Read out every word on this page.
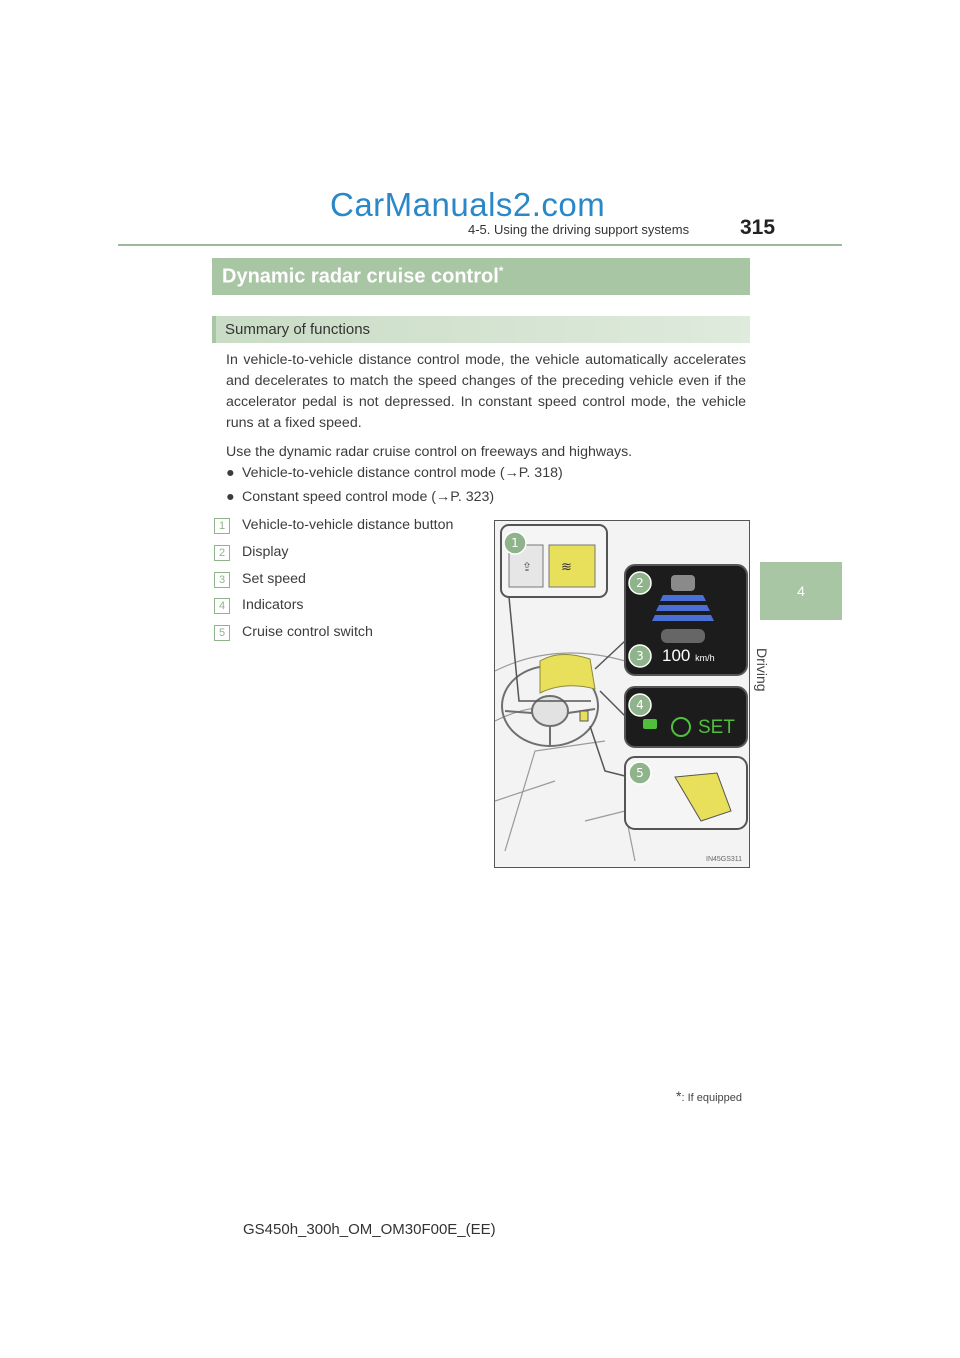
CarManuals2.com
4-5. Using the driving support systems 315
4
Driving
Dynamic radar cruise control*
Summary of functions
In vehicle-to-vehicle distance control mode, the vehicle automatically accelerates and decelerates to match the speed changes of the preceding vehicle even if the accelerator pedal is not depressed. In constant speed control mode, the vehicle runs at a fixed speed.
Use the dynamic radar cruise control on freeways and highways.
● Vehicle-to-vehicle distance control mode (→P. 318)
● Constant speed control mode (→P. 323)
1	Vehicle-to-vehicle distance button
2	Display
3	Set speed
4	Indicators
5	Cruise control switch
⇪ ≋
1
2
3
4
5
100 km/h
SET
IN45GS311
*: If equipped
GS450h_300h_OM_OM30F00E_(EE)
